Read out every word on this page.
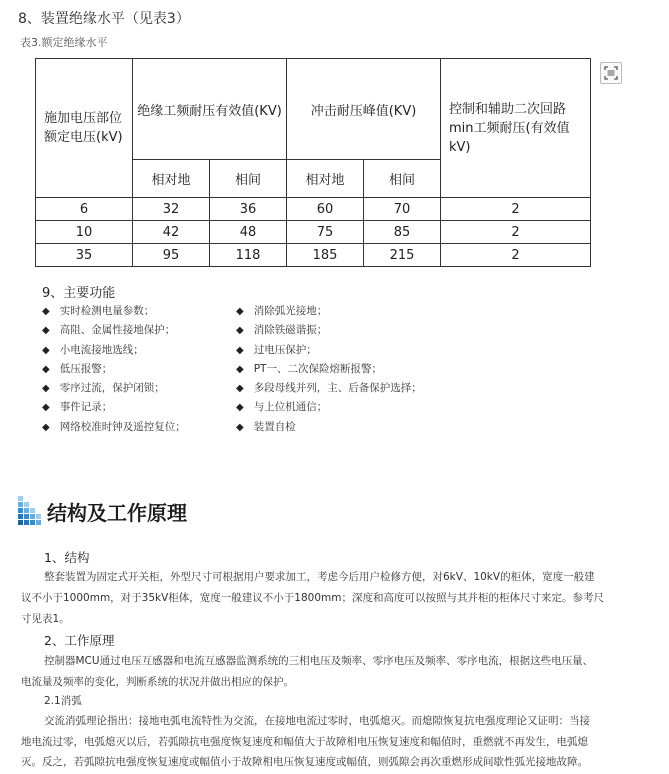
8、装置绝缘水平（见表3）
表3.额定绝缘水平
施加电压部位
额定电压(kV)	绝缘工频耐压有效值(KV)		冲击耐压峰值(KV)		控制和辅助二次回路
min工频耐压(有效值kV)
	相对地	相间	相对地	相间	
6	32	36	60	70	2
10	42	48	75	85	2
35	95	118	185	215	2
9、主要功能
◆ 实时检测电量参数；	◆ 消除弧光接地；
◆ 高阻、金属性接地保护；	◆ 消除铁磁谐振；
◆ 小电流接地选线；	◆ 过电压保护；
◆ 低压报警；	◆ PT一、二次保险熔断报警；
◆ 零序过流，保护闭锁；	◆ 多段母线并列，主、后备保护选择；
◆ 事件记录；	◆ 与上位机通信；
◆ 网络校准时钟及遥控复位；	◆ 装置自检
结构及工作原理
1、结构
整套装置为固定式开关柜，外型尺寸可根据用户要求加工，考虑今后用户检修方便，对6kV、10kV的柜体，宽度一般建
议不小于1000mm，对于35kV柜体，宽度一般建议不小于1800mm；深度和高度可以按照与其并柜的柜体尺寸来定。参考尺
寸见表1。
2、工作原理
控制器MCU通过电压互感器和电流互感器监测系统的三相电压及频率、零序电压及频率、零序电流，根据这些电压量、
电流量及频率的变化，判断系统的状况并做出相应的保护。
2.1消弧
交流消弧理论指出：接地电弧电流特性为交流，在接地电流过零时，电弧熄灭。而熄隙恢复抗电强度理论又证明：当接
地电流过零，电弧熄灭以后，若弧隙抗电强度恢复速度和幅值大于故障相电压恢复速度和幅值时，重燃就不再发生，电弧熄
灭。反之，若弧隙抗电强度恢复速度或幅值小于故障相电压恢复速度或幅值，则弧隙会再次重燃形成间歇性弧光接地故障。
